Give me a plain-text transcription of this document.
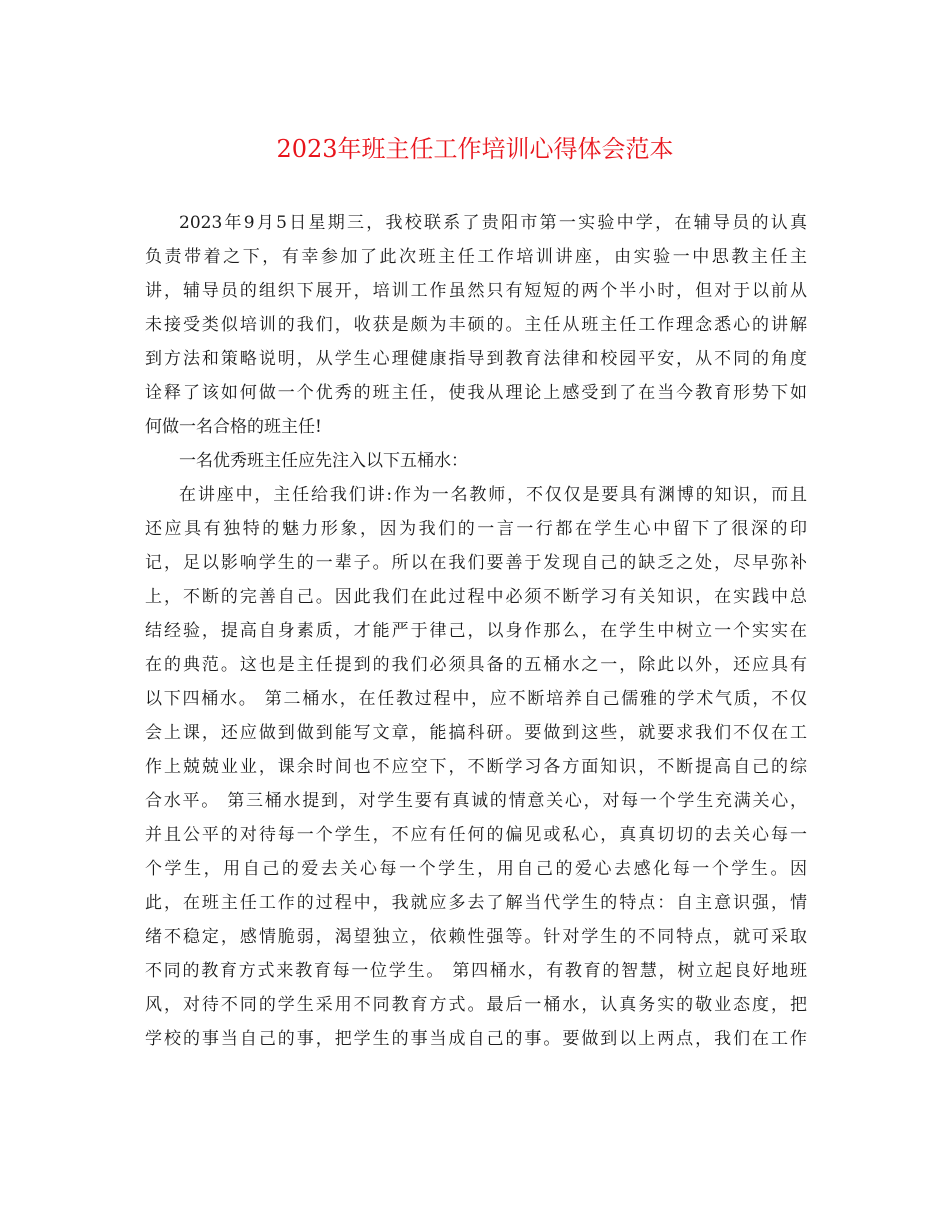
2023年班主任工作培训心得体会范本
2023年9月5日星期三，我校联系了贵阳市第一实验中学，在辅导员的认真
负责带着之下，有幸参加了此次班主任工作培训讲座，由实验一中思教主任主
讲，辅导员的组织下展开，培训工作虽然只有短短的两个半小时，但对于以前从
未接受类似培训的我们，收获是颇为丰硕的。主任从班主任工作理念悉心的讲解
到方法和策略说明，从学生心理健康指导到教育法律和校园平安，从不同的角度
诠释了该如何做一个优秀的班主任，使我从理论上感受到了在当今教育形势下如
何做一名合格的班主任!
一名优秀班主任应先注入以下五桶水：
在讲座中，主任给我们讲:作为一名教师，不仅仅是要具有渊博的知识，而且
还应具有独特的魅力形象，因为我们的一言一行都在学生心中留下了很深的印
记，足以影响学生的一辈子。所以在我们要善于发现自己的缺乏之处，尽早弥补
上，不断的完善自己。因此我们在此过程中必须不断学习有关知识，在实践中总
结经验，提高自身素质，才能严于律己，以身作那么，在学生中树立一个实实在
在的典范。这也是主任提到的我们必须具备的五桶水之一，除此以外，还应具有
以下四桶水。 第二桶水，在任教过程中，应不断培养自己儒雅的学术气质，不仅
会上课，还应做到做到能写文章，能搞科研。要做到这些，就要求我们不仅在工
作上兢兢业业，课余时间也不应空下，不断学习各方面知识，不断提高自己的综
合水平。 第三桶水提到，对学生要有真诚的情意关心，对每一个学生充满关心，
并且公平的对待每一个学生，不应有任何的偏见或私心，真真切切的去关心每一
个学生，用自己的爱去关心每一个学生，用自己的爱心去感化每一个学生。因
此，在班主任工作的过程中，我就应多去了解当代学生的特点：自主意识强，情
绪不稳定，感情脆弱，渴望独立，依赖性强等。针对学生的不同特点，就可采取
不同的教育方式来教育每一位学生。 第四桶水，有教育的智慧，树立起良好地班
风，对待不同的学生采用不同教育方式。最后一桶水，认真务实的敬业态度，把
学校的事当自己的事，把学生的事当成自己的事。要做到以上两点，我们在工作
